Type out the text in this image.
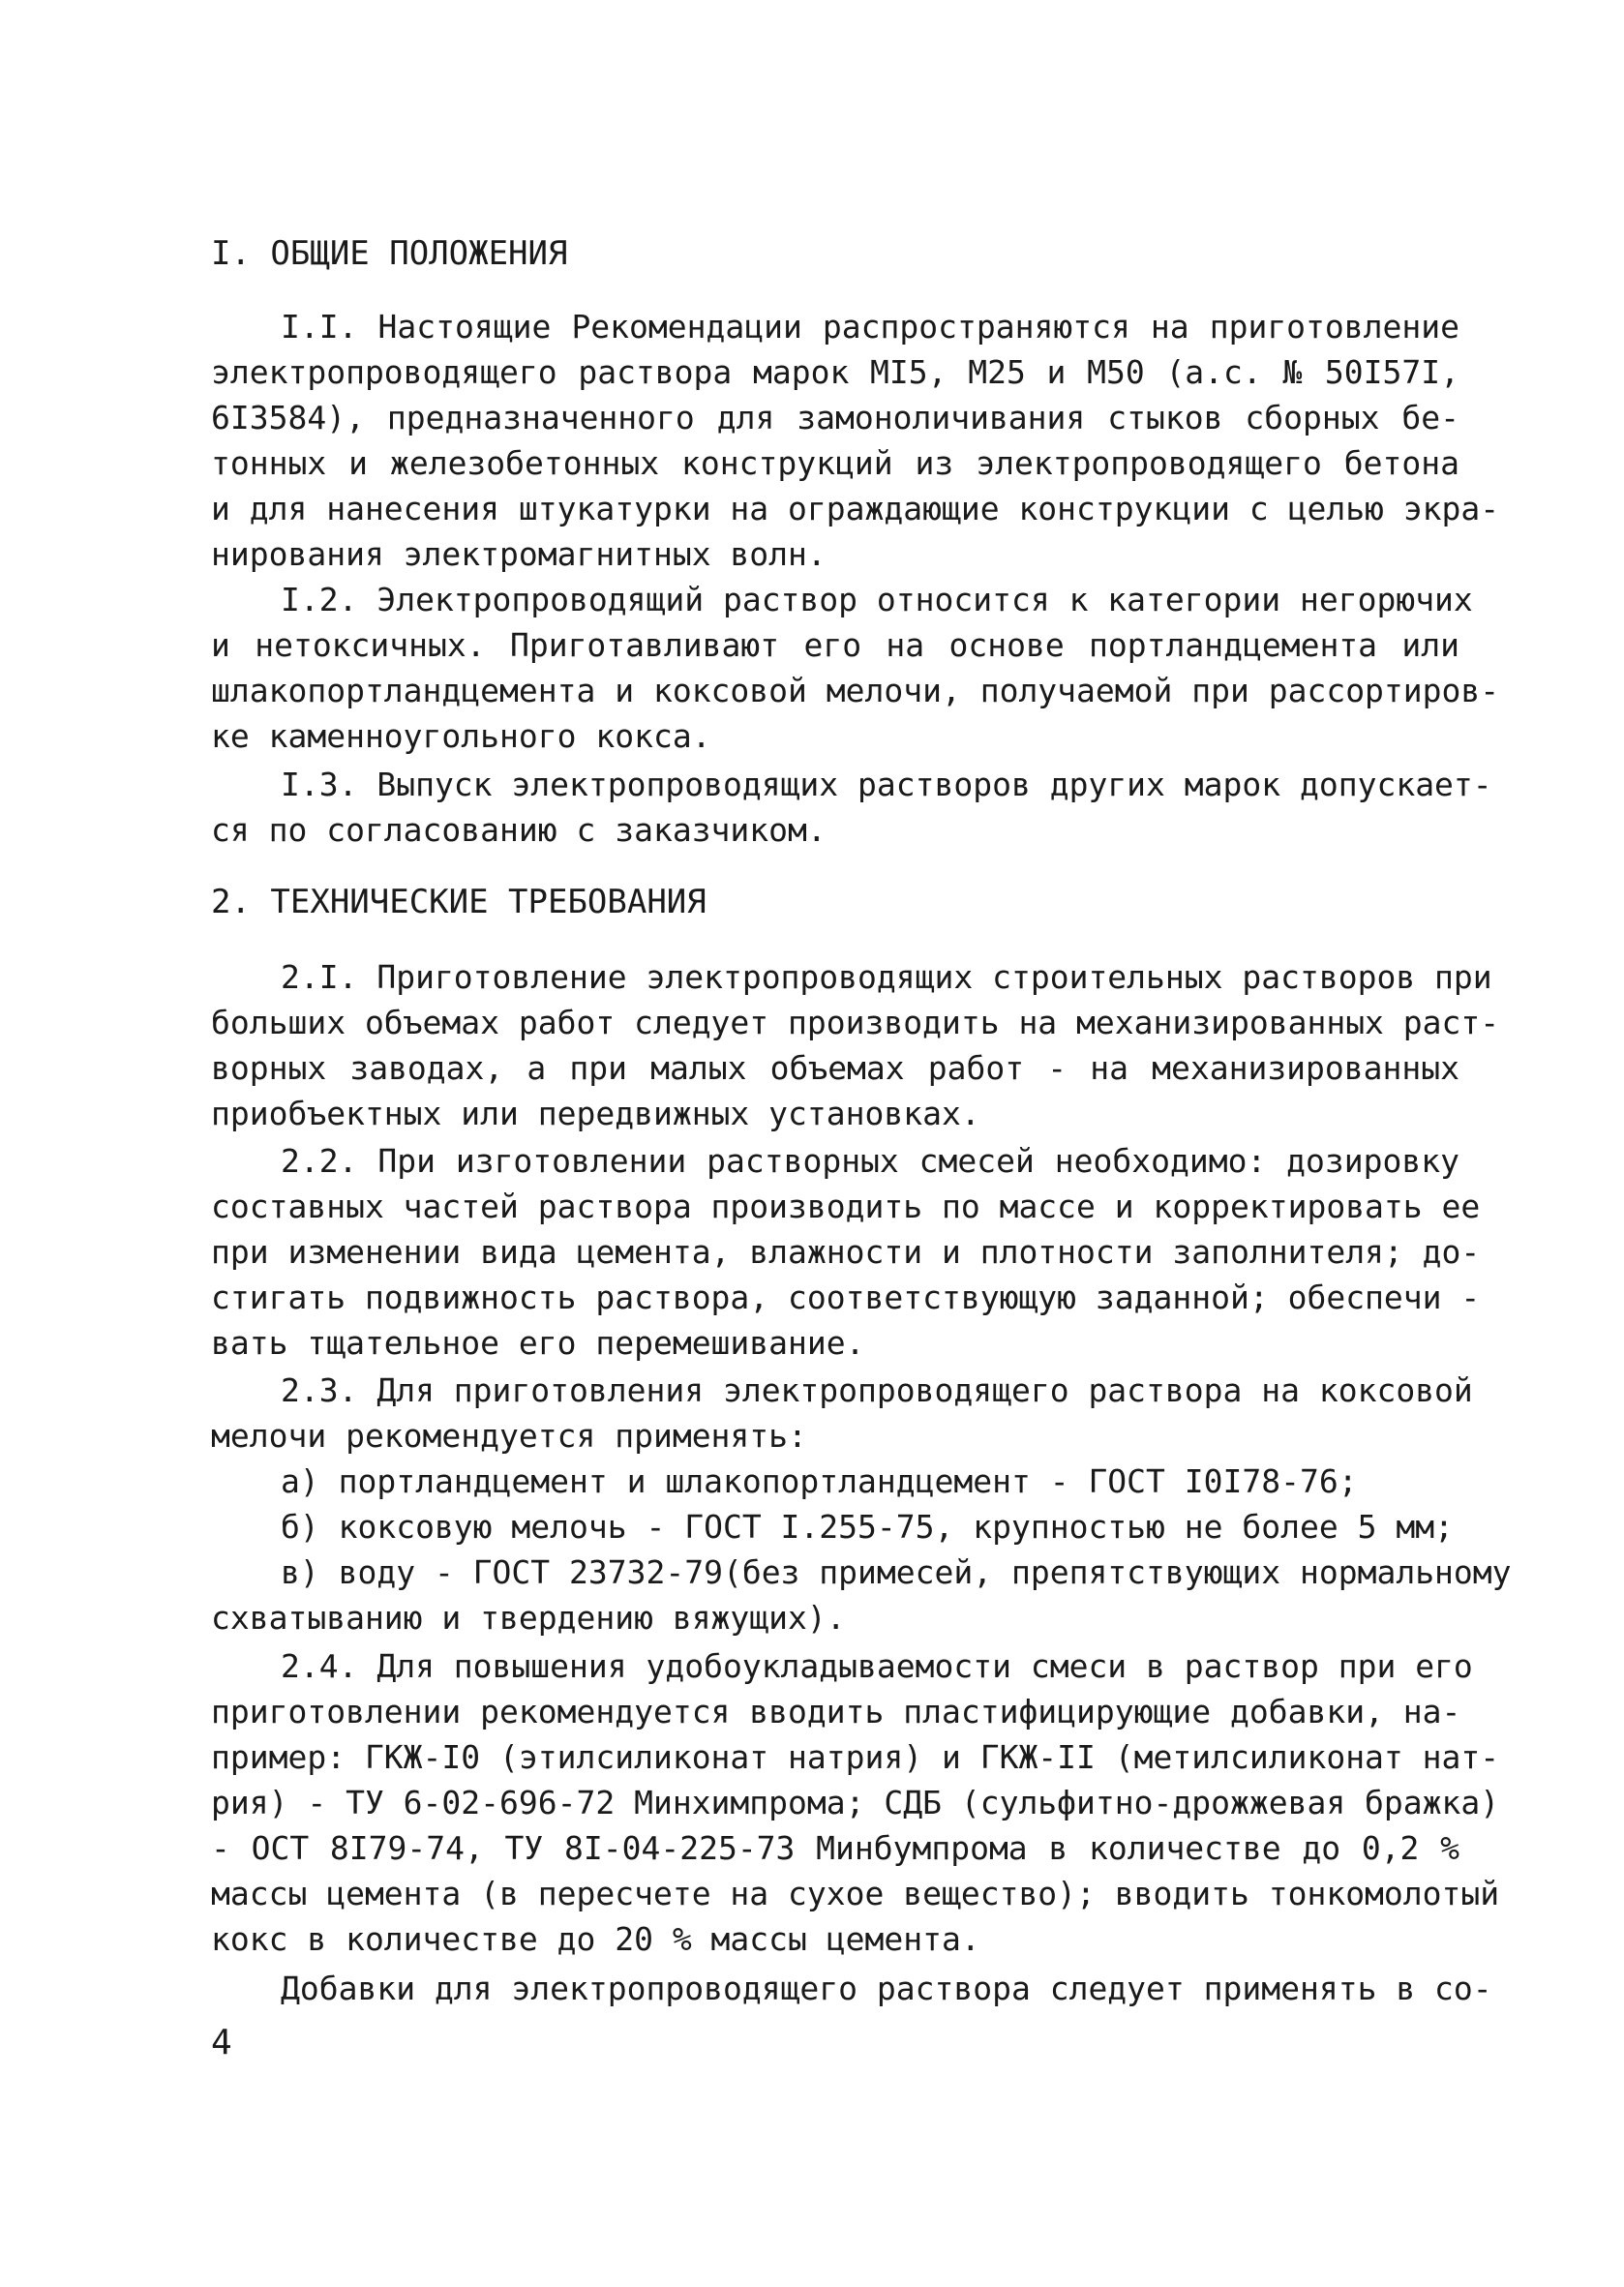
I. ОБЩИЕ ПОЛОЖЕНИЯ
I.I. Настоящие Рекомендации распространяются на приготовление
электропроводящего раствора марок MI5, M25 и M50 (а.с. № 50I57I,
6I3584), предназначенного для замоноличивания стыков сборных бе-
тонных и железобетонных конструкций из электропроводящего бетона
и для нанесения штукатурки на ограждающие конструкции с целью экра-
нирования электромагнитных волн.
I.2. Электропроводящий раствор относится к категории негорючих
и нетоксичных. Приготавливают его на основе портландцемента или
шлакопортландцемента и коксовой мелочи, получаемой при рассортиров-
ке каменноугольного кокса.
I.3. Выпуск электропроводящих растворов других марок допускает-
ся по согласованию с заказчиком.
2. ТЕХНИЧЕСКИЕ ТРЕБОВАНИЯ
2.I. Приготовление электропроводящих строительных растворов при
больших объемах работ следует производить на механизированных раст-
ворных заводах, а при малых объемах работ - на механизированных
приобъектных или передвижных установках.
2.2. При изготовлении растворных смесей необходимо: дозировку
составных частей раствора производить по массе и корректировать ее
при изменении вида цемента, влажности и плотности заполнителя; до-
стигать подвижность раствора, соответствующую заданной; обеспечи -
вать тщательное его перемешивание.
2.3. Для приготовления электропроводящего раствора на коксовой
мелочи рекомендуется применять:
а) портландцемент и шлакопортландцемент - ГОСТ I0I78-76;
б) коксовую мелочь - ГОСТ I.255-75, крупностью не более 5 мм;
в) воду - ГОСТ 23732-79(без примесей, препятствующих нормальному
схватыванию и твердению вяжущих).
2.4. Для повышения удобоукладываемости смеси в раствор при его
приготовлении рекомендуется вводить пластифицирующие добавки, на-
пример: ГКЖ-I0 (этилсиликонат натрия) и ГКЖ-II (метилсиликонат нат-
рия) - ТУ 6-02-696-72 Минхимпрома; СДБ (сульфитно-дрожжевая бражка)
- ОСТ 8I79-74, ТУ 8I-04-225-73 Минбумпрома в количестве до 0,2 %
массы цемента (в пересчете на сухое вещество); вводить тонкомолотый
кокс в количестве до 20 % массы цемента.
Добавки для электропроводящего раствора следует применять в со-
4
